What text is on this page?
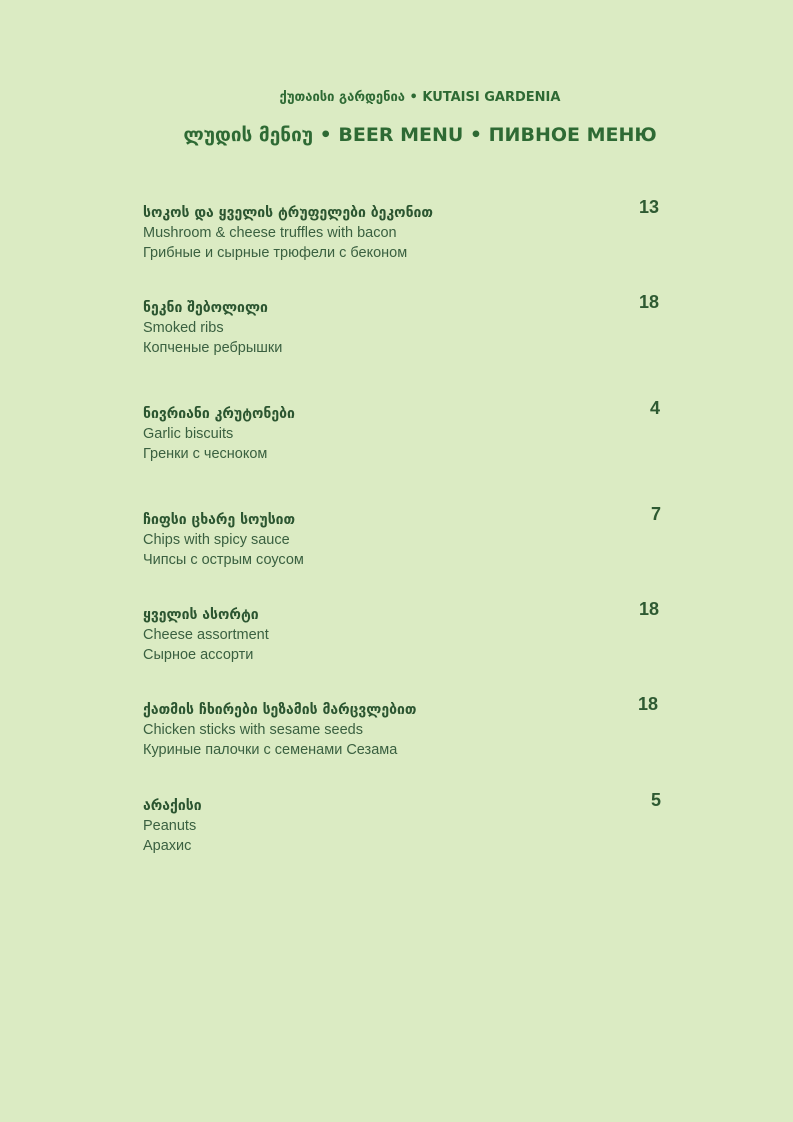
ქუთაისი გარდენია • KUTAISI GARDENIA
ლუდის მენიუ • BEER MENU • ПИВНОЕ МЕНЮ
სოკოს და ყველის ტრუფელები ბეკონით
Mushroom & cheese truffles with bacon
Грибные и сырные трюфели с беконом
13
ნეკნი შებოლილი
Smoked ribs
Копченые ребрышки
18
ნივრიანი კრუტონები
Garlic biscuits
Гренки с чесноком
4
ჩიფსი ცხარე სოუსით
Chips with spicy sauce
Чипсы с острым соусом
7
ყველის ასორტი
Cheese assortment
Сырное ассорти
18
ქათმის ჩხირები სეზამის მარცვლებით
Chicken sticks with sesame seeds
Куриные палочки с семенами Сезама
18
არაქისი
Peanuts
Арахис
5
